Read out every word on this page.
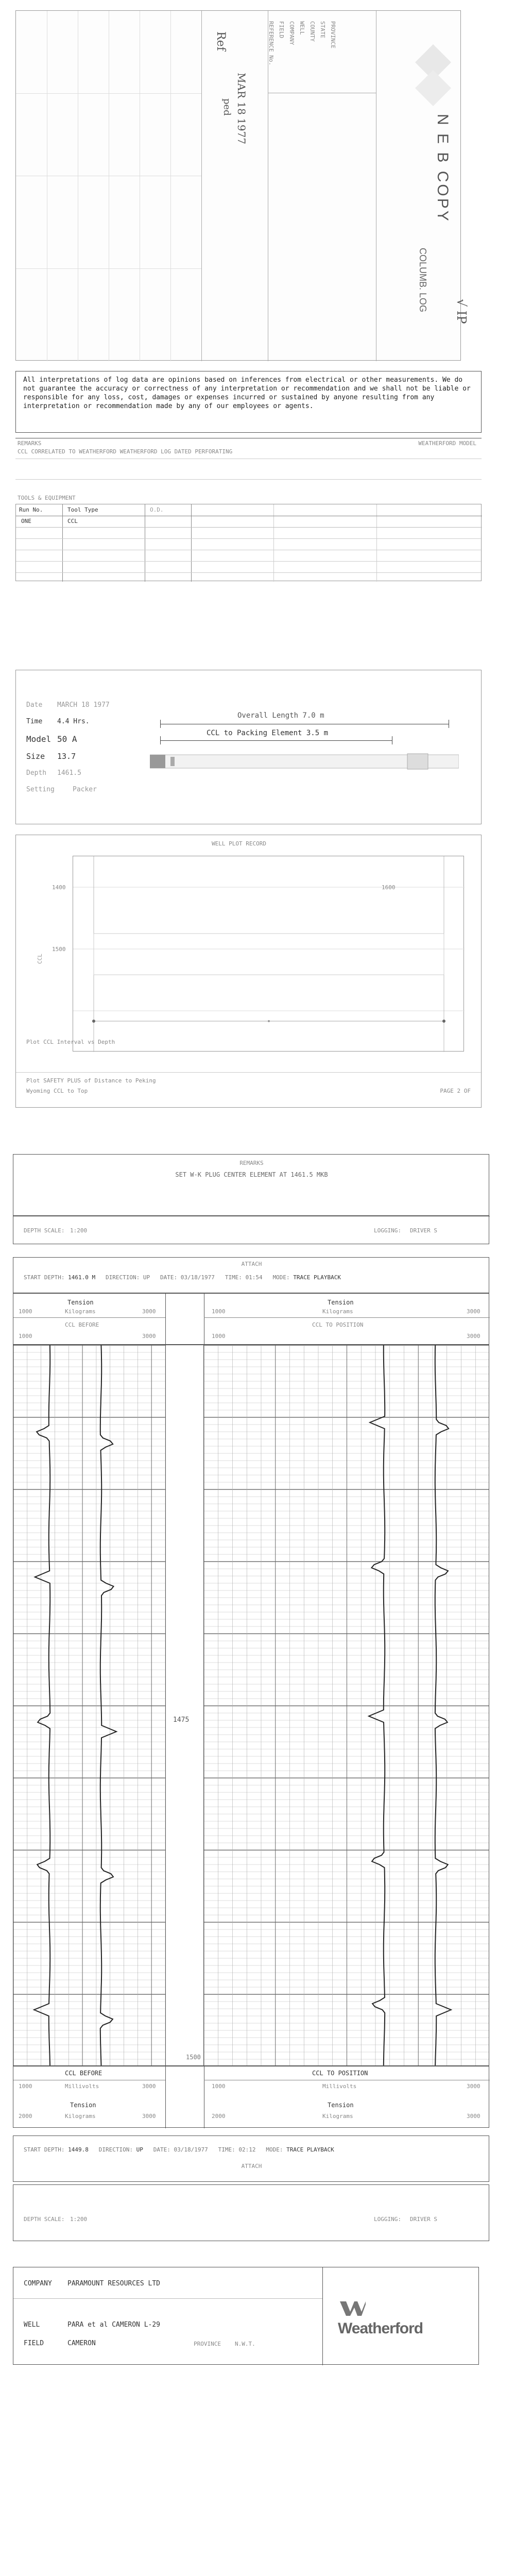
Ref
MAR 18 1977
ped
REFERENCE No. FIELD COMPANY WELL COUNTY STATE PROVINCE
N E B COPY
COLUMB. LOG √ IP

All interpretations of log data are opinions based on inferences from electrical or other measurements. We do not guarantee the accuracy or correctness of any interpretation or recommendation and we shall not be liable or responsible for any loss, cost, damages or expenses incurred or sustained by anyone resulting from any interpretation or recommendation made by any of our employees or agents.

REMARKS	WEATHERFORD MODEL
CCL CORRELATED TO WEATHERFORD WEATHERFORD LOG DATED PERFORATING
TOOLS & EQUIPMENT
Run No.	Tool Type	O.D.
ONE	CCL
Date MARCH 18 1977
Time 4.4 Hrs.
Model 50 A
Size 13.7
Depth 1461.5
Setting	Packer
Overall Length 7.0 m
CCL to Packing Element 3.5 m
WELL PLOT RECORD
CCL
1400
1500
1600
Plot CCL Interval vs Depth
Plot SAFETY PLUS of Distance to Peking
Wyoming CCL to Top	PAGE 2 OF
REMARKS
SET W-K PLUG CENTER ELEMENT AT 1461.5 MKB
DEPTH SCALE: 1:200	LOGGING: DRIVER S
ATTACH
START DEPTH: 1461.0 M DIRECTION: UP DATE: 03/18/1977 TIME: 01:54 MODE: TRACE PLAYBACK
Tension
1000	Kilograms	3000
CCL BEFORE
1000	3000
Tension
1000	Kilograms	3000
CCL TO POSITION
1000	3000
1475
1500
CCL BEFORE
1000	Millivolts	3000
Tension
2000	Kilograms	3000
CCL TO POSITION
1000	Millivolts	3000
Tension
2000	Kilograms	3000
START DEPTH: 1449.8 DIRECTION: UP DATE: 03/18/1977 TIME: 02:12 MODE: TRACE PLAYBACK
ATTACH
DEPTH SCALE: 1:200	LOGGING: DRIVER S
COMPANY PARAMOUNT RESOURCES LTD
WELL	PARA et al CAMERON L-29
FIELD	CAMERON	PROVINCE N.W.T.
Weatherford
